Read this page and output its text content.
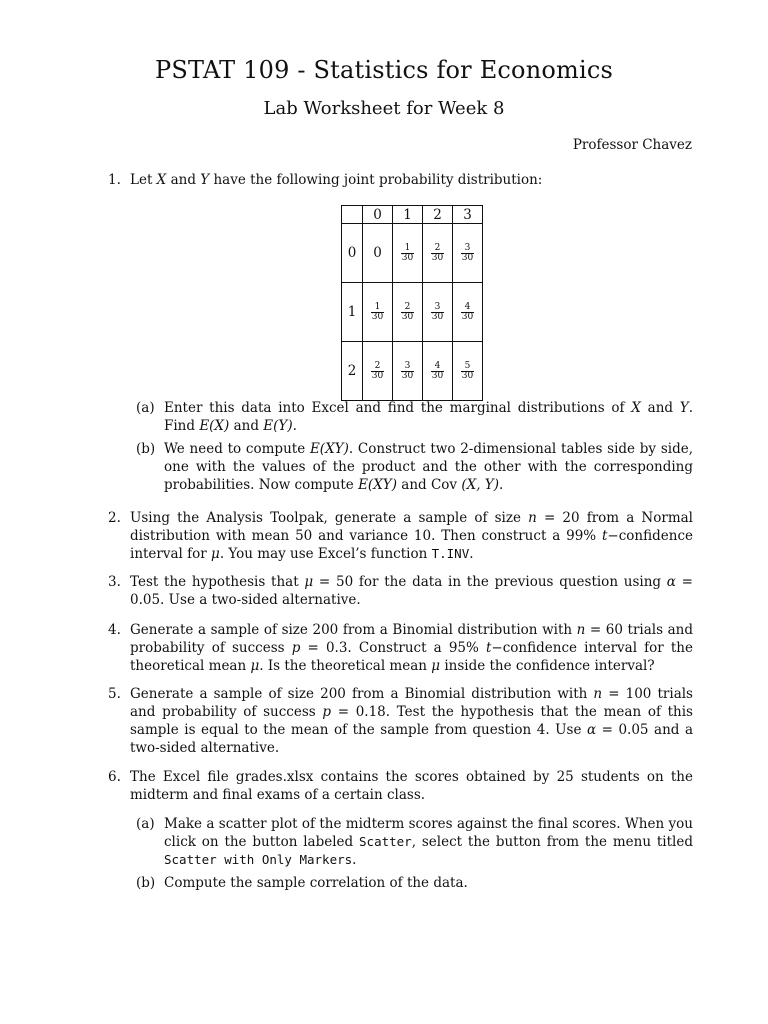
PSTAT 109 - Statistics for Economics
Lab Worksheet for Week 8
Professor Chavez
1. Let X and Y have the following joint probability distribution:
	0	1	2	3
0	0	$\frac{1}{30}$	$\frac{2}{30}$	$\frac{3}{30}$

1	$\frac{1}{30}$	$\frac{2}{30}$	$\frac{3}{30}$	$\frac{4}{30}$

2	$\frac{2}{30}$	$\frac{3}{30}$	$\frac{4}{30}$	$\frac{5}{30}$
(a) Enter this data into Excel and find the marginal distributions of X and Y. Find E(X) and E(Y).
(b) We need to compute E(XY). Construct two 2-dimensional tables side by side, one with the values of the product and the other with the corresponding probabilities. Now compute E(XY) and Cov (X, Y).
2. Using the Analysis Toolpak, generate a sample of size n = 20 from a Normal distribution with mean 50 and variance 10. Then construct a 99% t−confidence interval for μ. You may use Excel’s function T.INV.
3. Test the hypothesis that μ = 50 for the data in the previous question using α = 0.05. Use a two-sided alternative.
4. Generate a sample of size 200 from a Binomial distribution with n = 60 trials and probability of success p = 0.3. Construct a 95% t−confidence interval for the theoretical mean μ. Is the theoretical mean μ inside the confidence interval?
5. Generate a sample of size 200 from a Binomial distribution with n = 100 trials and probability of success p = 0.18. Test the hypothesis that the mean of this sample is equal to the mean of the sample from question 4. Use α = 0.05 and a two-sided alternative.
6. The Excel file grades.xlsx contains the scores obtained by 25 students on the midterm and final exams of a certain class.
(a) Make a scatter plot of the midterm scores against the final scores. When you click on the button labeled Scatter, select the button from the menu titled Scatter with Only Markers.
(b) Compute the sample correlation of the data.
